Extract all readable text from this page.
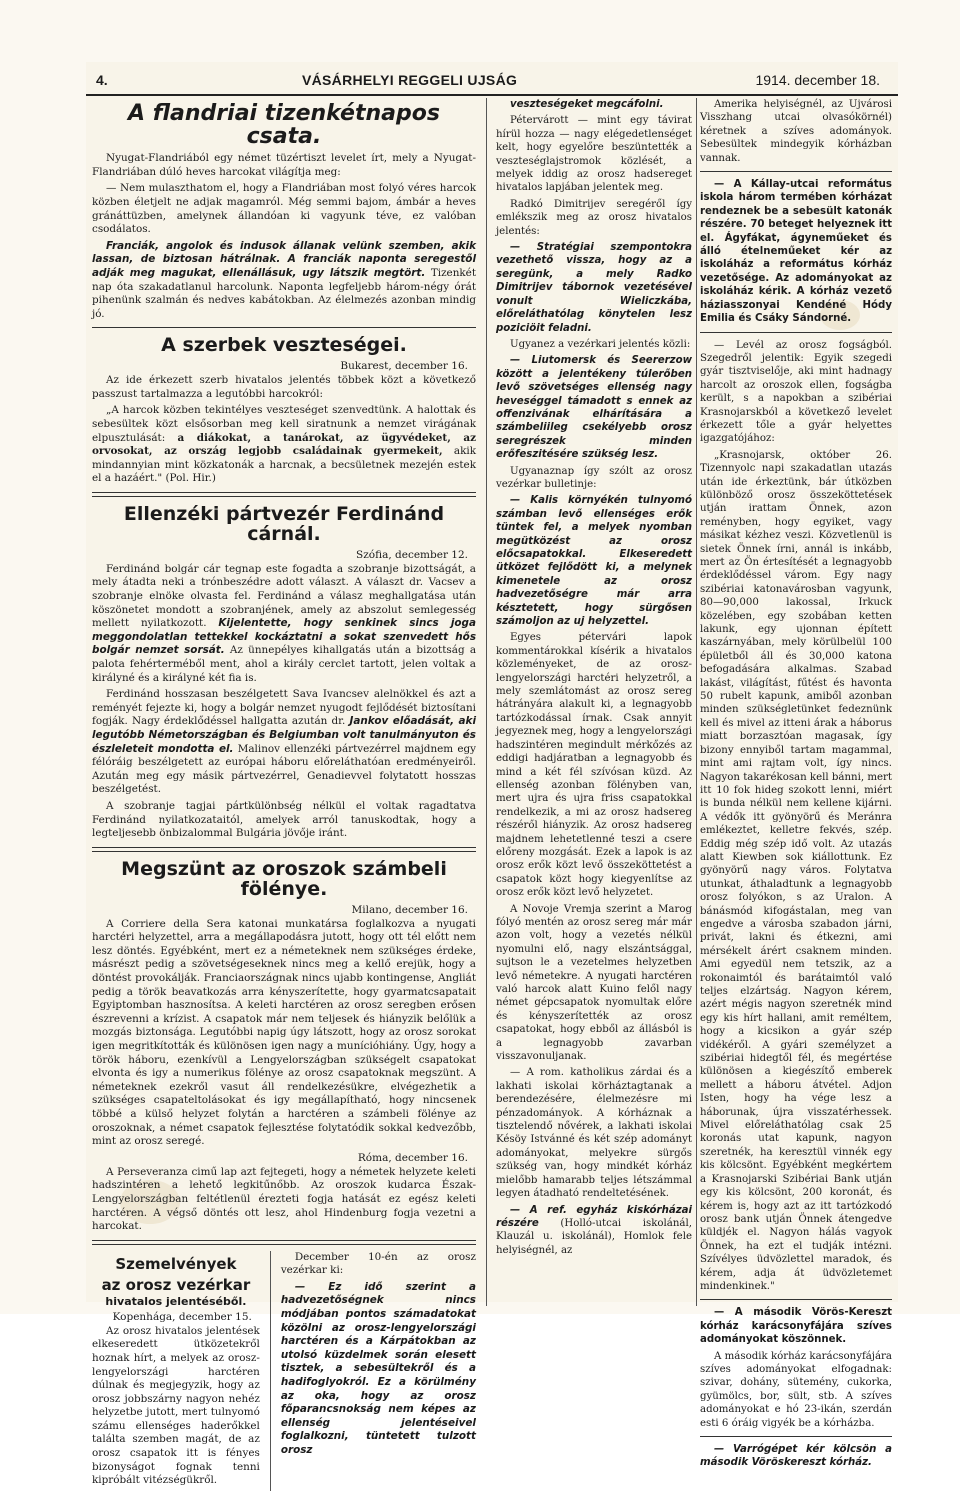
4.	VÁSÁRHELYI REGGELI UJSÁG	1914. december 18.
A flandriai tizenkétnapos csata.

Nyugat-Flandriából egy német tüzértiszt levelet írt, mely a Nyugat-Flandriában dúló heves harcokat világítja meg:

— Nem mulaszthatom el, hogy a Flandriában most folyó véres harcok közben életjelt ne adjak magamról. Még semmi bajom, ámbár a heves gránáttüzben, amelynek állandóan ki vagyunk téve, ez valóban csodálatos.

Franciák, angolok és indusok állanak velünk szemben, akik lassan, de biztosan hátrálnak. A franciák naponta seregestől adják meg magukat, ellenállásuk, ugy látszik megtört. Tizenkét nap óta szakadatlanul harcolunk. Naponta legfeljebb három-négy órát pihenünk szalmán és nedves kabátokban. Az élelmezés azonban mindig jó.

A szerbek veszteségei.
Bukarest, december 16.

Az ide érkezett szerb hivatalos jelentés többek közt a következő passzust tartalmazza a legutóbbi harcokról:

„A harcok közben tekintélyes veszteséget szenvedtünk. A halottak és sebesültek közt elsősorban meg kell siratnunk a nemzet virágának elpusztulását: a diákokat, a tanárokat, az ügyvédeket, az orvosokat, az ország legjobb családainak gyermekeit, akik mindannyian mint közkatonák a harcnak, a becsületnek mezején estek el a hazáért." (Pol. Hir.)

Ellenzéki pártvezér Ferdinánd cárnál.
Szófia, december 12.

Ferdinánd bolgár cár tegnap este fogadta a szobranje bizottságát, a mely átadta neki a trónbeszédre adott választ. A választ dr. Vacsev a szobranje elnöke olvasta fel. Ferdinánd a válasz meghallgatása után köszönetet mondott a szobranjének, amely az abszolut semlegesség mellett nyilatkozott. Kijelentette, hogy senkinek sincs joga meggondolatlan tettekkel kockáztatni a sokat szenvedett hős bolgár nemzet sorsát. Az ünnepélyes kihallgatás után a bizottság a palota fehérterméből ment, ahol a király cerclet tartott, jelen voltak a királyné és a királyné két fia is.

Ferdinánd hosszasan beszélgetett Sava Ivancsev alelnökkel és azt a reményét fejezte ki, hogy a bolgár nemzet nyugodt fejlődését biztosítani fogják. Nagy érdeklődéssel hallgatta azután dr. Jankov előadását, aki legutóbb Németországban és Belgiumban volt tanulmányuton és észleleteit mondotta el. Malinov ellenzéki pártvezérrel majdnem egy félóráig beszélgetett az európai háboru előreláthatóan eredményeiről. Azután meg egy másik pártvezérrel, Genadievvel folytatott hosszas beszélgetést.

A szobranje tagjai pártkülönbség nélkül el voltak ragadtatva Ferdinánd nyilatkozataitól, amelyek arról tanuskodtak, hogy a legteljesebb önbizalommal Bulgária jövője iránt.

Megszünt az oroszok számbeli fölénye.
Milano, december 16.

A Corriere della Sera katonai munkatársa foglalkozva a nyugati harctéri helyzettel, arra a megállapodásra jutott, hogy ott tél előtt nem lesz döntés. Egyébként, mert ez a németeknek nem szükséges érdeke, másrészt pedig a szövetségeseknek nincs meg a kellő erejük, hogy a döntést provokálják. Franciaországnak nincs ujabb kontingense, Angliát pedig a török beavatkozás arra kényszerítette, hogy gyarmatcsapatait Egyiptomban hasznosítsa. A keleti harctéren az orosz seregben erősen észrevenni a krízist. A csapatok már nem teljesek és hiányzik belőlük a mozgás biztonsága. Legutóbbi napig úgy látszott, hogy az orosz sorokat igen megritkították és különösen igen nagy a munícióhiány. Úgy, hogy a török háboru, ezenkívül a Lengyelországban szükségelt csapatokat elvonta és igy a numerikus fölénye az orosz csapatoknak megszünt. A németeknek ezekről vasut áll rendelkezésükre, elvégezhetik a szükséges csapateltolásokat és igy megállapítható, hogy nincsenek többé a külső helyzet folytán a harctéren a számbeli fölénye az oroszoknak, a német csapatok fejlesztése folytatódik sokkal kedvezőbb, mint az orosz seregé.

Róma, december 16.

A Perseveranza cimű lap azt fejtegeti, hogy a németek helyzete keleti hadszintéren a lehető legkitűnőbb. Az oroszok kudarca Észak-Lengyelországban feltétlenül érezteti fogja hatását ez egész keleti harctéren. A végső döntés ott lesz, ahol Hindenburg fogja vezetni a harcokat.

Szemelvények
az orosz vezérkar
hivatalos jelentéséből.
Kopenhága, december 15.

Az orosz hivatalos jelentések elkeseredett ütközetekről hoznak hírt, a melyek az orosz-lengyelországi harctéren dúlnak és megjegyzik, hogy az orosz jobbszárny nagyon nehéz helyzetbe jutott, mert tulnyomó számu ellenséges haderőkkel találta szemben magát, de az orosz csapatok itt is fényes bizonyságot fognak tenni kipróbált vitézségükről.

December 10-én az orosz vezérkar ki:

— Ez idő szerint a hadvezetőségnek nincs módjában pontos számadatokat közölni az orosz-lengyelországi harctéren és a Kárpátokban az utolsó küzdelmek során elesett tisztek, a sebesültekről és a hadifoglyokról. Ez a körülmény az oka, hogy az orosz főparancsnokság nem képes az ellenség jelentéseivel foglalkozni, tüntetett tulzott orosz

veszteségeket megcáfolni.

Pétervárott — mint egy távirat hírül hozza — nagy elégedetlenséget kelt, hogy egyelőre beszüntették a veszteséglajstromok közlését, a melyek iddig az orosz hadsereget hivatalos lapjában jelentek meg.

Radkó Dimitrijev seregéről így emlékszik meg az orosz hivatalos jelentés:

— Stratégiai szempontokra vezethető vissza, hogy az a seregünk, a mely Radko Dimitrijev tábornok vezetésével vonult Wieliczkába, előreláthatólag könytelen lesz poziciöit feladni.

Ugyanez a vezérkari jelentés közli:

— Liutomersk és Seererzow között a jelentékeny túlerőben levő szövetséges ellenség nagy heveséggel támadott s ennek az offenzivának elhárítására a számbeliileg csekélyebb orosz seregrészek minden erőfeszitésére szükség lesz.

Ugyanaznap így szólt az orosz vezérkar bulletinje:

— Kalis környékén tulnyomó számban levő ellenséges erők tüntek fel, a melyek nyomban megütközést az orosz előcsapatokkal. Elkeseredett ütközet fejlődött ki, a melynek kimenetele az orosz hadvezetőségre már arra késztetett, hogy sürgősen számoljon az uj helyzettel.

Egyes pétervári lapok kommentárokkal kísérik a hivatalos közleményeket, de az orosz-lengyelországi harctéri helyzetről, a mely szemlátomást az orosz sereg hátrányára alakult ki, a legnagyobb tartózkodással írnak. Csak annyit jegyeznek meg, hogy a lengyelországi hadszintéren megindult mérkőzés az eddigi hadjáratban a legnagyobb és mind a két fél szívósan küzd. Az ellenség azonban fölényben van, mert ujra és ujra friss csapatokkal rendelkezik, a mi az orosz hadsereg részéről hiányzik. Az orosz hadsereg majdnem lehetetlenné teszi a csere előreny mozgását. Ezek a lapok is az orosz erők közt levő összeköttetést a csapatok közt hogy kiegyenlítse az orosz erők közt levő helyzetet.

A Novoje Vremja szerint a Marog fólyó mentén az orosz sereg már már azon volt, hogy a vezetés nélkül nyomulni elő, nagy elszántsággal, sujtson le a vezetelmes helyzetben levő németekre. A nyugati harctéren való harcok alatt Kuino felől nagy német gépcsapatok nyomultak előre és kényszerítették az orosz csapatokat, hogy ebből az állásból is a legnagyobb zavarban visszavonuljanak.

— A rom. katholikus zárdai és a lakhati iskolai körháztagtanak a berendezésére, élelmezésre mi pénzadományok. A kórháznak a tisztelendő nővérek, a lakhati iskolai Késöy Istvánné és két szép adományt adományokat, melyekre sürgős szükség van, hogy mindkét kórház mielőbb hamarabb teljes létszámmal legyen átadható rendeltetésének.

— A ref. egyház kiskórházai részére (Holló-utcai iskolánál, Klauzál u. iskolánál), Homlok fele helyiségnél, az

Amerika helyiségnél, az Ujvárosi Visszhang utcai olvasókörnél) kéretnek a szíves adományok. Sebesültek mindegyik kórházban vannak.

— A Kállay-utcai református iskola három termében kórházat rendeznek be a sebesült katonák részére. 70 beteget helyeznek itt el. Ágyfákat, ágyneműeket és álló ételneműeket kér az iskoláház a református kórház vezetősége. Az adományokat az iskoláház kérik. A kórház vezető háziasszonyai Kendéné Hódy Emilia és Csáky Sándorné.

— Levél az orosz fogságból. Szegedről jelentik: Egyik szegedi gyár tisztviselője, aki mint hadnagy harcolt az oroszok ellen, fogságba került, s a napokban a szibériai Krasnojarskból a következő levelet érkezett tőle a gyár helyettes igazgatójához:

„Krasnojarsk, október 26. Tizennyolc napi szakadatlan utazás után ide érkeztünk, bár útközben különböző orosz összeköttetések utján irattam Önnek, azon reményben, hogy egyiket, vagy másikat kézhez veszi. Közvetlenül is sietek Önnek írni, annál is inkább, mert az Ön értesítését a legnagyobb érdeklődéssel várom. Egy nagy szibériai katonavárosban vagyunk, 80—90,000 lakossal, Irkuck közelében, egy szobában ketten lakunk, egy ujonnan épített kaszárnyában, mely körülbelül 100 épületből áll és 30,000 katona befogadására alkalmas. Szabad lakást, világítást, fűtést és havonta 50 rubelt kapunk, amiből azonban minden szükségletünket fedeznünk kell és mivel az itteni árak a háborus miatt borzasztóan magasak, így bizony ennyiből tartam magammal, mint ami rajtam volt, így nincs. Nagyon takarékosan kell bánni, mert itt 10 fok hideg szokott lenni, miért is bunda nélkül nem kellene kijárni. A védők itt gyönyörű és Meránra emlékeztet, kelletre fekvés, szép. Eddig még szép idő volt. Az utazás alatt Kiewben sok kiállottunk. Ez gyönyörű nagy város. Folytatva utunkat, áthaladtunk a legnagyobb orosz folyókon, s az Uralon. A bánásmód kifogástalan, meg van engedve a városba szabadon járni, privát, lakni és étkezni, ami mérsékelt árért csaknem minden. Ami egyedül nem tetszik, az a rokonaimtól és barátaimtól való teljes elzártság. Nagyon kérem, azért mégis nagyon szeretnék mind egy kis hírt hallani, amit reméltem, hogy a kicsikon a gyár szép vidékéről. A gyári személyzet a szibériai hidegtől fél, és megértése különösen a kiegészítő emberek mellett a háboru átvétel. Adjon Isten, hogy ha vége lesz a háborunak, újra visszatérhessek. Mivel előreláthatólag csak 25 koronás utat kapunk, nagyon szeretnék, ha keresztül vinnék egy kis kölcsönt. Egyébként megkértem a Krasnojarski Szibériai Bank utján egy kis kölcsönt, 200 koronát, és kérem is, hogy azt az itt tartózkodó orosz bank utján Önnek átengedve küldjék el. Nagyon hálás vagyok Önnek, ha ezt el tudják intézni. Szívélyes üdvözlettel maradok, és kérem, adja át üdvözletemet mindenkinek."

— A második Vörös-Kereszt kórház karácsonyfájára szíves adományokat köszönnek.

A második kórház karácsonyfájára szíves adományokat elfogadnak: szivar, dohány, sütemény, cukorka, gyümölcs, bor, sült, stb. A szíves adományokat e hó 23-ikán, szerdán esti 6 óráig vigyék be a kórházba.

— Varrógépet kér kölcsön a második Vöröskereszt kórház.
